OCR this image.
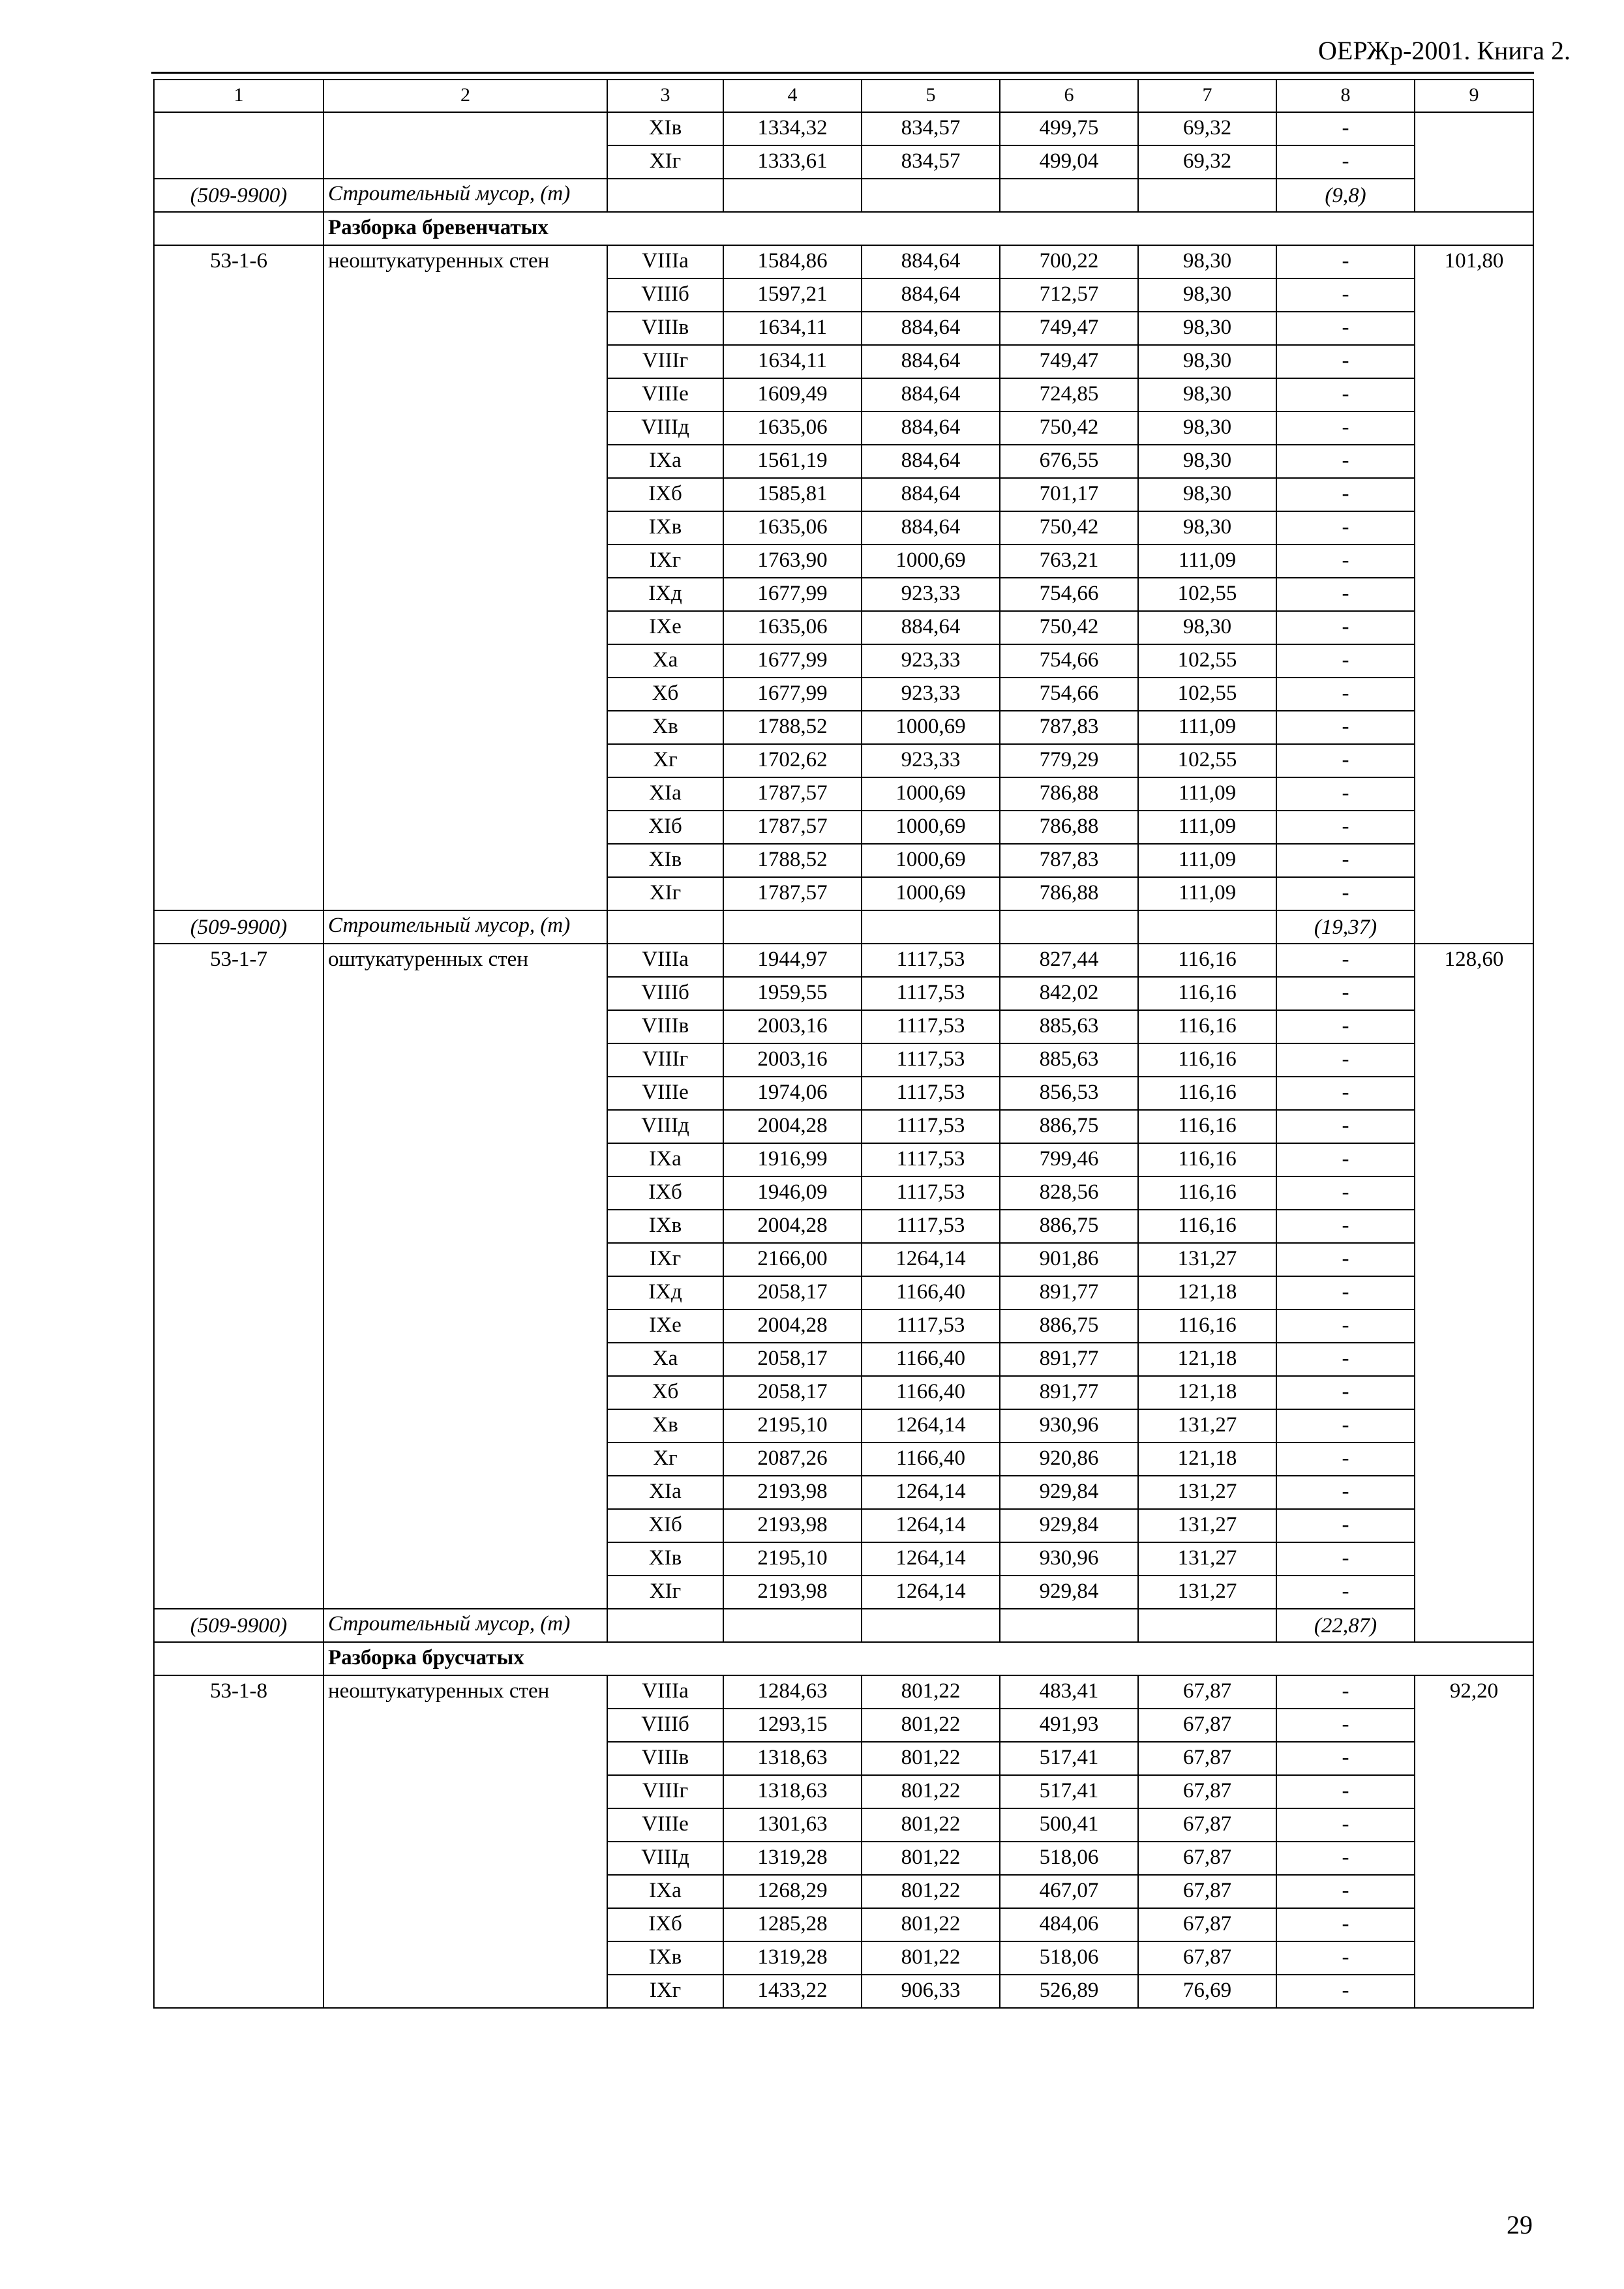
ОЕРЖр-2001. Книга 2.
1	2	3	4	5	6	7	8	9
		XIв	1334,32	834,57	499,75	69,32	-	
		XIг	1333,61	834,57	499,04	69,32	-	
(509-9900)	Строительный мусор, (т)						(9,8)	
	Разборка бревенчатых							
53-1-6	неоштукатуренных стен	VIIIа	1584,86	884,64	700,22	98,30	-	101,80
		VIIIб	1597,21	884,64	712,57	98,30	-	
		VIIIв	1634,11	884,64	749,47	98,30	-	
		VIIIг	1634,11	884,64	749,47	98,30	-	
		VIIIе	1609,49	884,64	724,85	98,30	-	
		VIIIд	1635,06	884,64	750,42	98,30	-	
		IXа	1561,19	884,64	676,55	98,30	-	
		IXб	1585,81	884,64	701,17	98,30	-	
		IXв	1635,06	884,64	750,42	98,30	-	
		IXг	1763,90	1000,69	763,21	111,09	-	
		IXд	1677,99	923,33	754,66	102,55	-	
		IXе	1635,06	884,64	750,42	98,30	-	
		Xа	1677,99	923,33	754,66	102,55	-	
		Xб	1677,99	923,33	754,66	102,55	-	
		Xв	1788,52	1000,69	787,83	111,09	-	
		Xг	1702,62	923,33	779,29	102,55	-	
		XIа	1787,57	1000,69	786,88	111,09	-	
		XIб	1787,57	1000,69	786,88	111,09	-	
		XIв	1788,52	1000,69	787,83	111,09	-	
		XIг	1787,57	1000,69	786,88	111,09	-	
(509-9900)	Строительный мусор, (т)						(19,37)	
53-1-7	оштукатуренных стен	VIIIа	1944,97	1117,53	827,44	116,16	-	128,60
		VIIIб	1959,55	1117,53	842,02	116,16	-	
		VIIIв	2003,16	1117,53	885,63	116,16	-	
		VIIIг	2003,16	1117,53	885,63	116,16	-	
		VIIIе	1974,06	1117,53	856,53	116,16	-	
		VIIIд	2004,28	1117,53	886,75	116,16	-	
		IXа	1916,99	1117,53	799,46	116,16	-	
		IXб	1946,09	1117,53	828,56	116,16	-	
		IXв	2004,28	1117,53	886,75	116,16	-	
		IXг	2166,00	1264,14	901,86	131,27	-	
		IXд	2058,17	1166,40	891,77	121,18	-	
		IXе	2004,28	1117,53	886,75	116,16	-	
		Xа	2058,17	1166,40	891,77	121,18	-	
		Xб	2058,17	1166,40	891,77	121,18	-	
		Xв	2195,10	1264,14	930,96	131,27	-	
		Xг	2087,26	1166,40	920,86	121,18	-	
		XIа	2193,98	1264,14	929,84	131,27	-	
		XIб	2193,98	1264,14	929,84	131,27	-	
		XIв	2195,10	1264,14	930,96	131,27	-	
		XIг	2193,98	1264,14	929,84	131,27	-	
(509-9900)	Строительный мусор, (т)						(22,87)	
	Разборка брусчатых							
53-1-8	неоштукатуренных стен	VIIIа	1284,63	801,22	483,41	67,87	-	92,20
		VIIIб	1293,15	801,22	491,93	67,87	-	
		VIIIв	1318,63	801,22	517,41	67,87	-	
		VIIIг	1318,63	801,22	517,41	67,87	-	
		VIIIе	1301,63	801,22	500,41	67,87	-	
		VIIIд	1319,28	801,22	518,06	67,87	-	
		IXа	1268,29	801,22	467,07	67,87	-	
		IXб	1285,28	801,22	484,06	67,87	-	
		IXв	1319,28	801,22	518,06	67,87	-	
		IXг	1433,22	906,33	526,89	76,69	-	
29
